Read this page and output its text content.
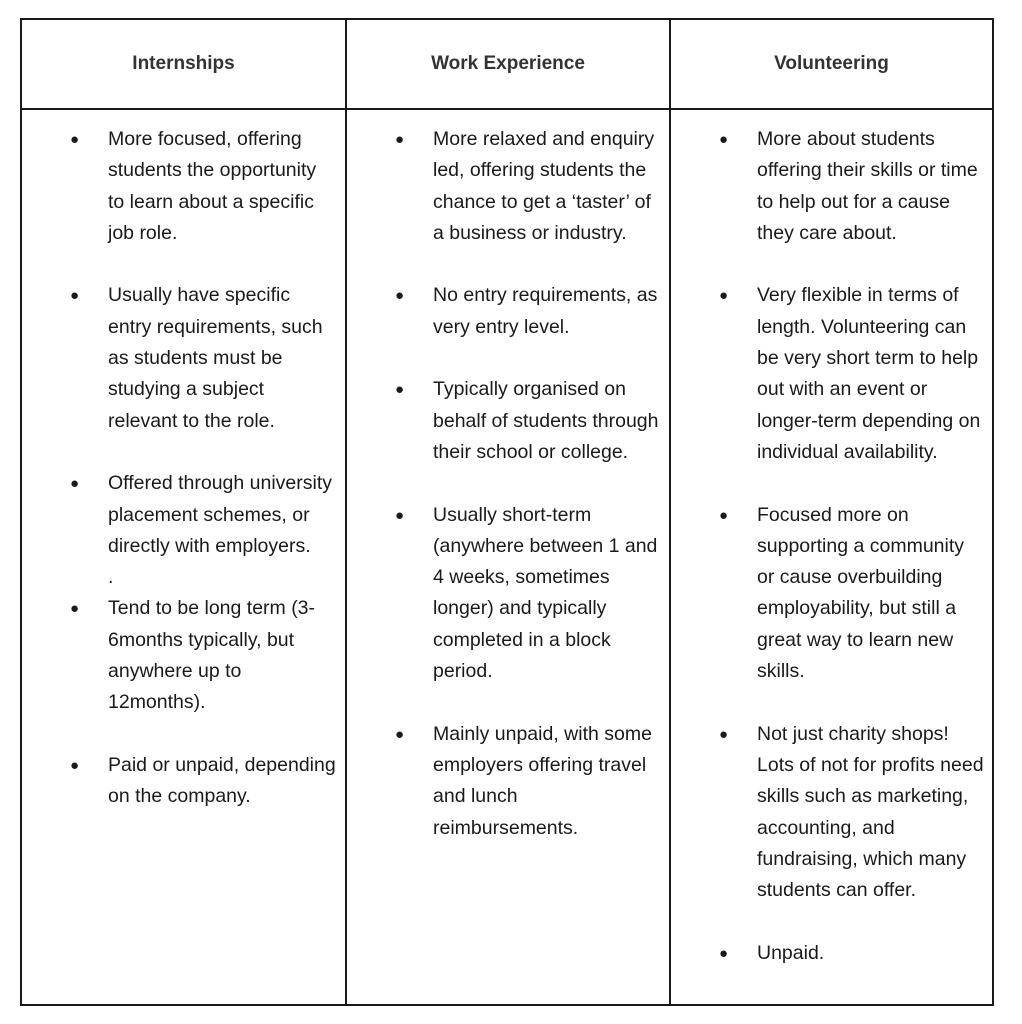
Internships	Work Experience	Volunteering
● More focused, offering students the opportunity to learn about a specific job role.
● Usually have specific entry requirements, such as students must be studying a subject relevant to the role.
● Offered through university placement schemes, or directly with employers.
.
● Tend to be long term (3-6months typically, but anywhere up to 12months).
● Paid or unpaid, depending on the company.
● More relaxed and enquiry led, offering students the chance to get a ‘taster’ of a business or industry.
● No entry requirements, as very entry level.
● Typically organised on behalf of students through their school or college.
● Usually short-term (anywhere between 1 and 4 weeks, sometimes longer) and typically completed in a block period.
● Mainly unpaid, with some employers offering travel and lunch reimbursements.
● More about students offering their skills or time to help out for a cause they care about.
● Very flexible in terms of length. Volunteering can be very short term to help out with an event or longer-term depending on individual availability.
● Focused more on supporting a community or cause overbuilding employability, but still a great way to learn new skills.
● Not just charity shops! Lots of not for profits need skills such as marketing, accounting, and fundraising, which many students can offer.
● Unpaid.
